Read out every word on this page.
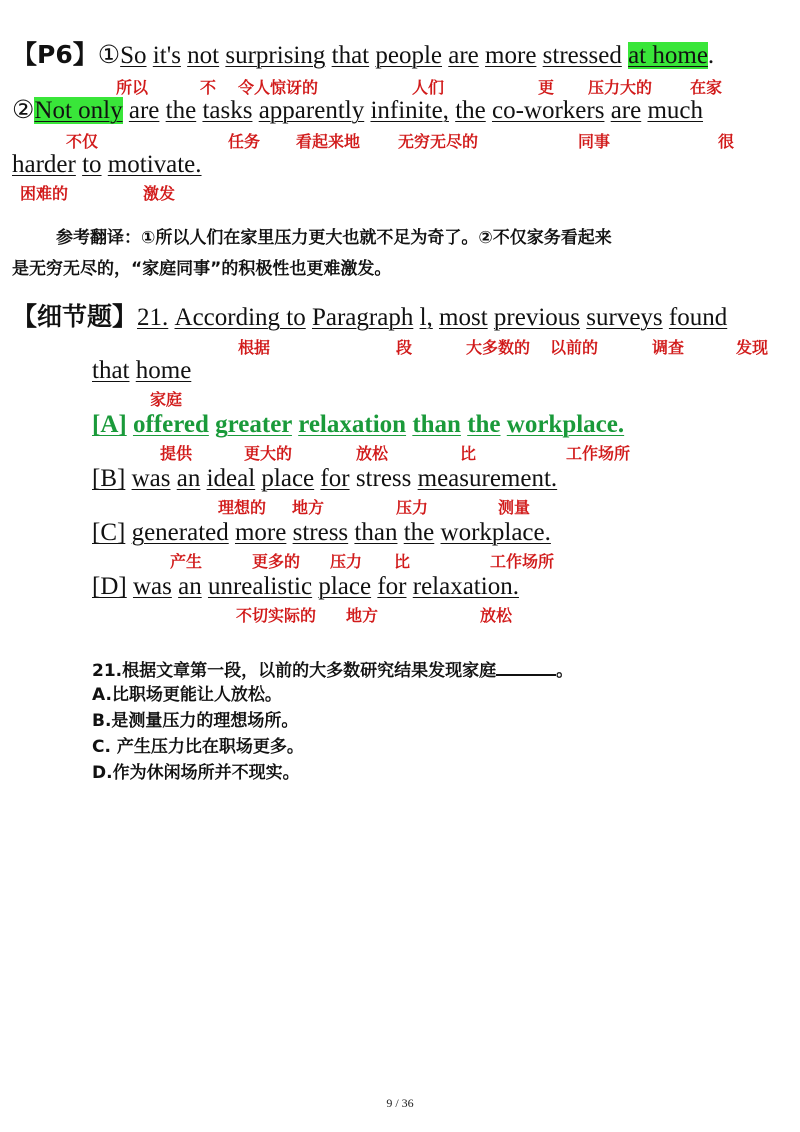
【P6】①So it's not surprising that people are more stressed at home.
所以	不 令人惊讶的	人们	更 压力大的 在家
②Not only are the tasks apparently infinite, the co-workers are much
不仅	任务 看起来地 无穷无尽的	同事	很
harder to motivate.
困难的	激发
参考翻译：①所以人们在家里压力更大也就不足为奇了。②不仅家务看起来
是无穷无尽的，“家庭同事”的积极性也更难激发。
【细节题】21. According to Paragraph l, most previous surveys found
根据	段	大多数的 以前的	调查	发现
that home
家庭
[A] offered greater relaxation than the workplace.
提供	更大的	放松	比	工作场所
[B] was an ideal place for stress measurement.
理想的 地方	压力	测量
[C] generated more stress than the workplace.
产生	更多的 压力 比	工作场所
[D] was an unrealistic place for relaxation.
不切实际的 地方	放松
21.根据文章第一段，以前的大多数研究结果发现家庭	。
A.比职场更能让人放松。
B.是测量压力的理想场所。
C. 产生压力比在职场更多。
D.作为休闲场所并不现实。
9 / 36
